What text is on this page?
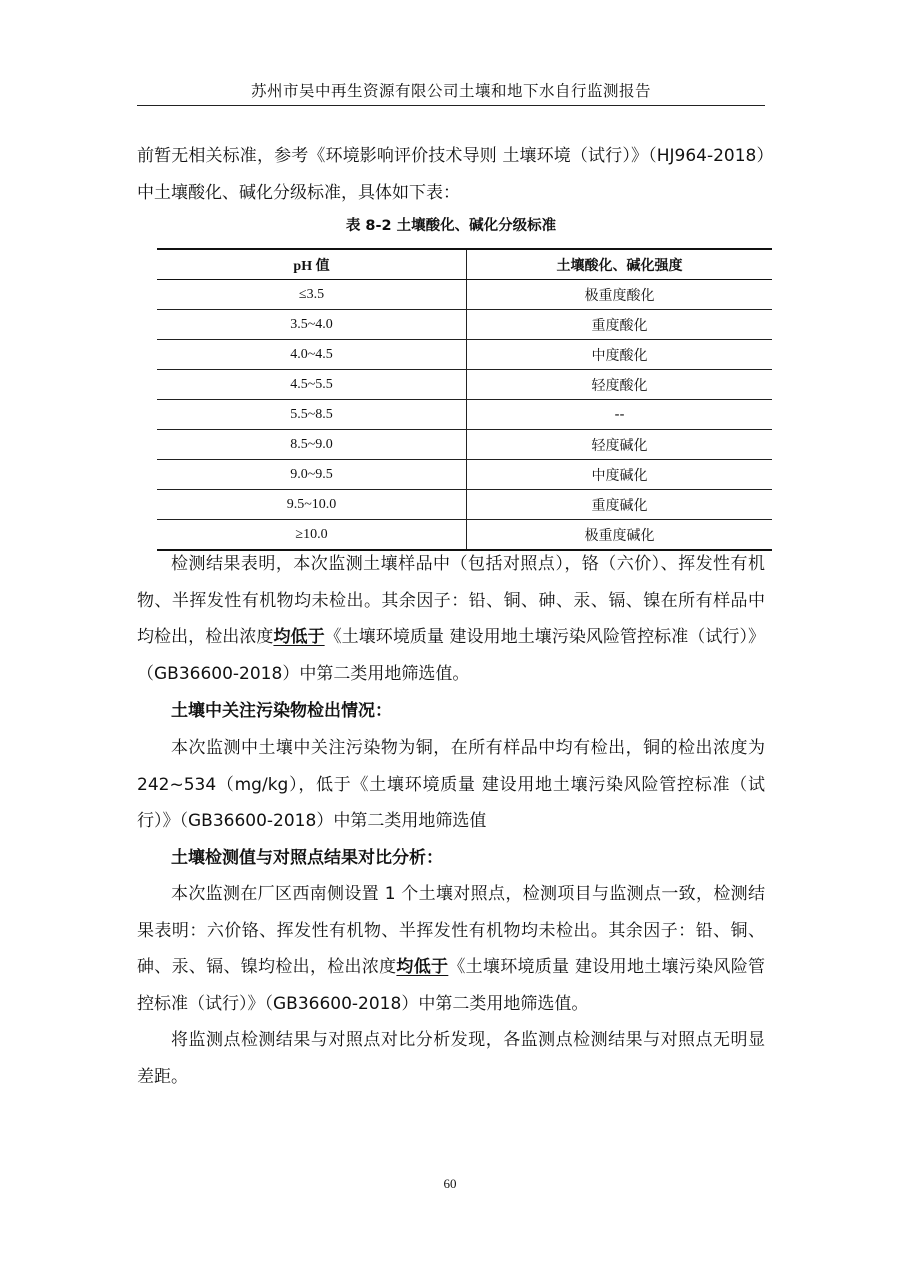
苏州市吴中再生资源有限公司土壤和地下水自行监测报告
前暂无相关标准，参考《环境影响评价技术导则 土壤环境（试行）》（HJ964-2018）中土壤酸化、碱化分级标准，具体如下表：
表 8-2 土壤酸化、碱化分级标准
pH 值	土壤酸化、碱化强度
≤3.5	极重度酸化
3.5~4.0	重度酸化
4.0~4.5	中度酸化
4.5~5.5	轻度酸化
5.5~8.5	--
8.5~9.0	轻度碱化
9.0~9.5	中度碱化
9.5~10.0	重度碱化
≥10.0	极重度碱化
检测结果表明，本次监测土壤样品中（包括对照点），铬（六价）、挥发性有机物、半挥发性有机物均未检出。其余因子：铅、铜、砷、汞、镉、镍在所有样品中均检出，检出浓度均低于《土壤环境质量 建设用地土壤污染风险管控标准（试行）》（GB36600-2018）中第二类用地筛选值。
土壤中关注污染物检出情况：
本次监测中土壤中关注污染物为铜，在所有样品中均有检出，铜的检出浓度为 242~534（mg/kg），低于《土壤环境质量 建设用地土壤污染风险管控标准（试行）》（GB36600-2018）中第二类用地筛选值
土壤检测值与对照点结果对比分析：
本次监测在厂区西南侧设置 1 个土壤对照点，检测项目与监测点一致，检测结果表明：六价铬、挥发性有机物、半挥发性有机物均未检出。其余因子：铅、铜、砷、汞、镉、镍均检出，检出浓度均低于《土壤环境质量 建设用地土壤污染风险管控标准（试行）》（GB36600-2018）中第二类用地筛选值。
将监测点检测结果与对照点对比分析发现，各监测点检测结果与对照点无明显差距。
60
